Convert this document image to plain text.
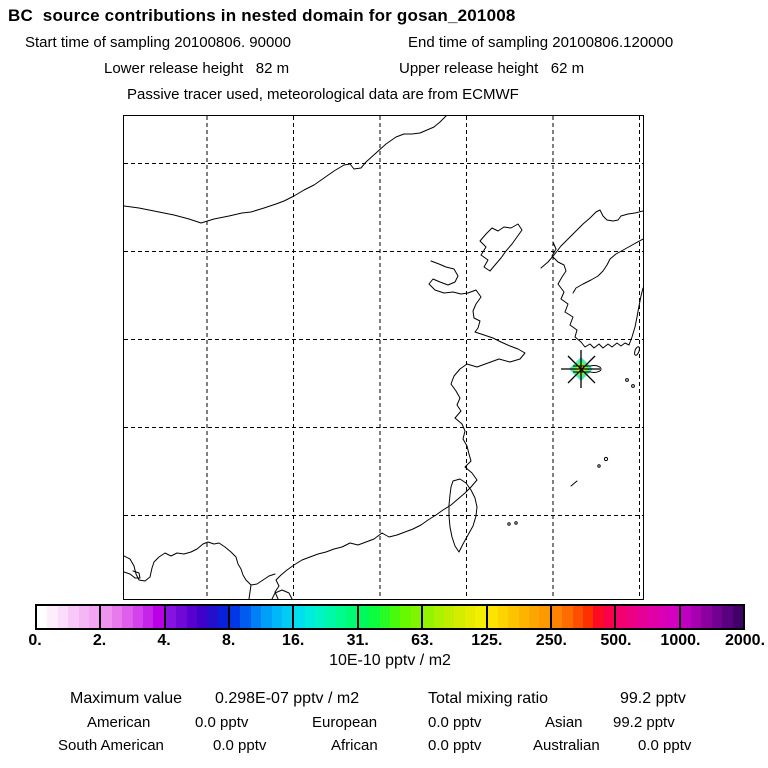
BC  source contributions in nested domain for gosan_201008
Start time of sampling 20100806. 90000	End time of sampling 20100806.120000
Lower release height   82 m	Upper release height   62 m
Passive tracer used, meteorological data are from ECMWF
0.	2.	4.	8.	16.	31.	63. 125. 250. 500. 1000. 2000.
10E-10 pptv / m2
Maximum value 0.298E-07 pptv / m2	Total mixing ratio	99.2 pptv
American	0.0 pptv	European	0.0 pptv	Asian 99.2 pptv
South American	0.0 pptv	African	0.0 pptv	Australian	0.0 pptv
